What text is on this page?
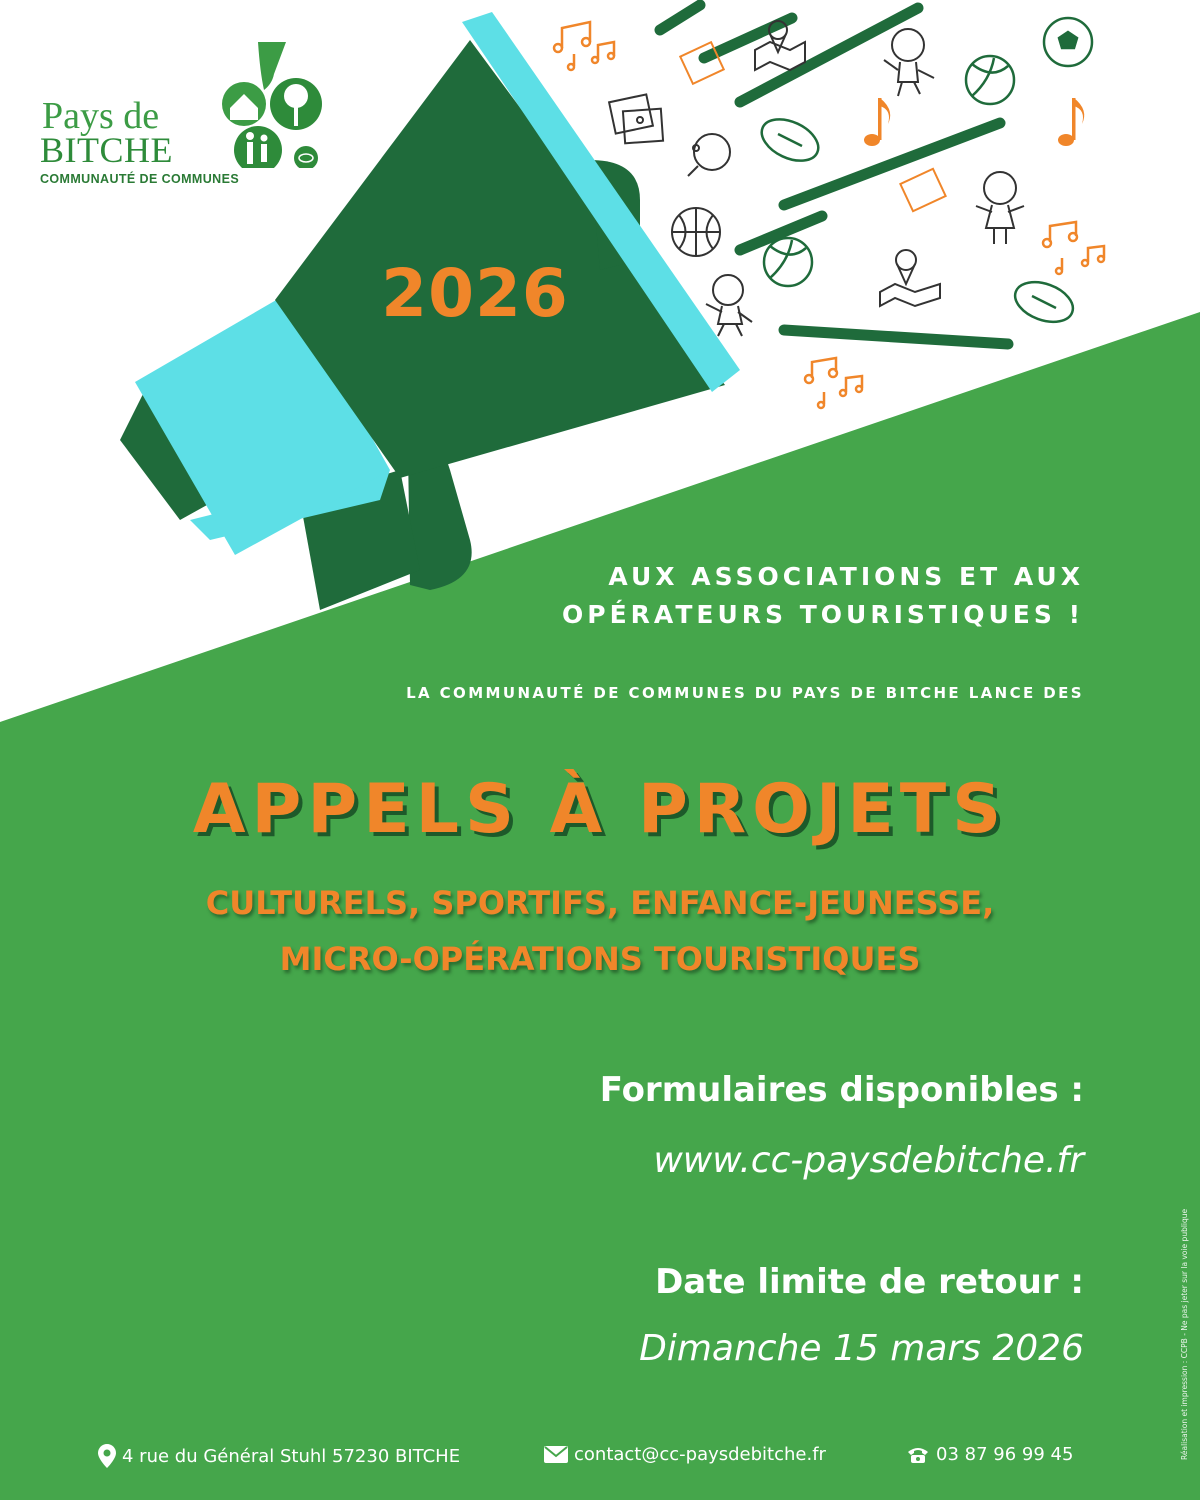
Pays de
BITCHE
COMMUNAUTÉ DE COMMUNES
2026
AUX ASSOCIATIONS ET AUX
OPÉRATEURS TOURISTIQUES !
LA COMMUNAUTÉ DE COMMUNES DU PAYS DE BITCHE LANCE DES
APPELS À PROJETS
CULTURELS, SPORTIFS, ENFANCE-JEUNESSE,
MICRO-OPÉRATIONS TOURISTIQUES
Formulaires disponibles :
www.cc-paysdebitche.fr
Date limite de retour :
Dimanche 15 mars 2026
4 rue du Général Stuhl 57230 BITCHE	contact@cc-paysdebitche.fr	03 87 96 99 45	Réalisation et impression : CCPB - Ne pas jeter sur la voie publique
